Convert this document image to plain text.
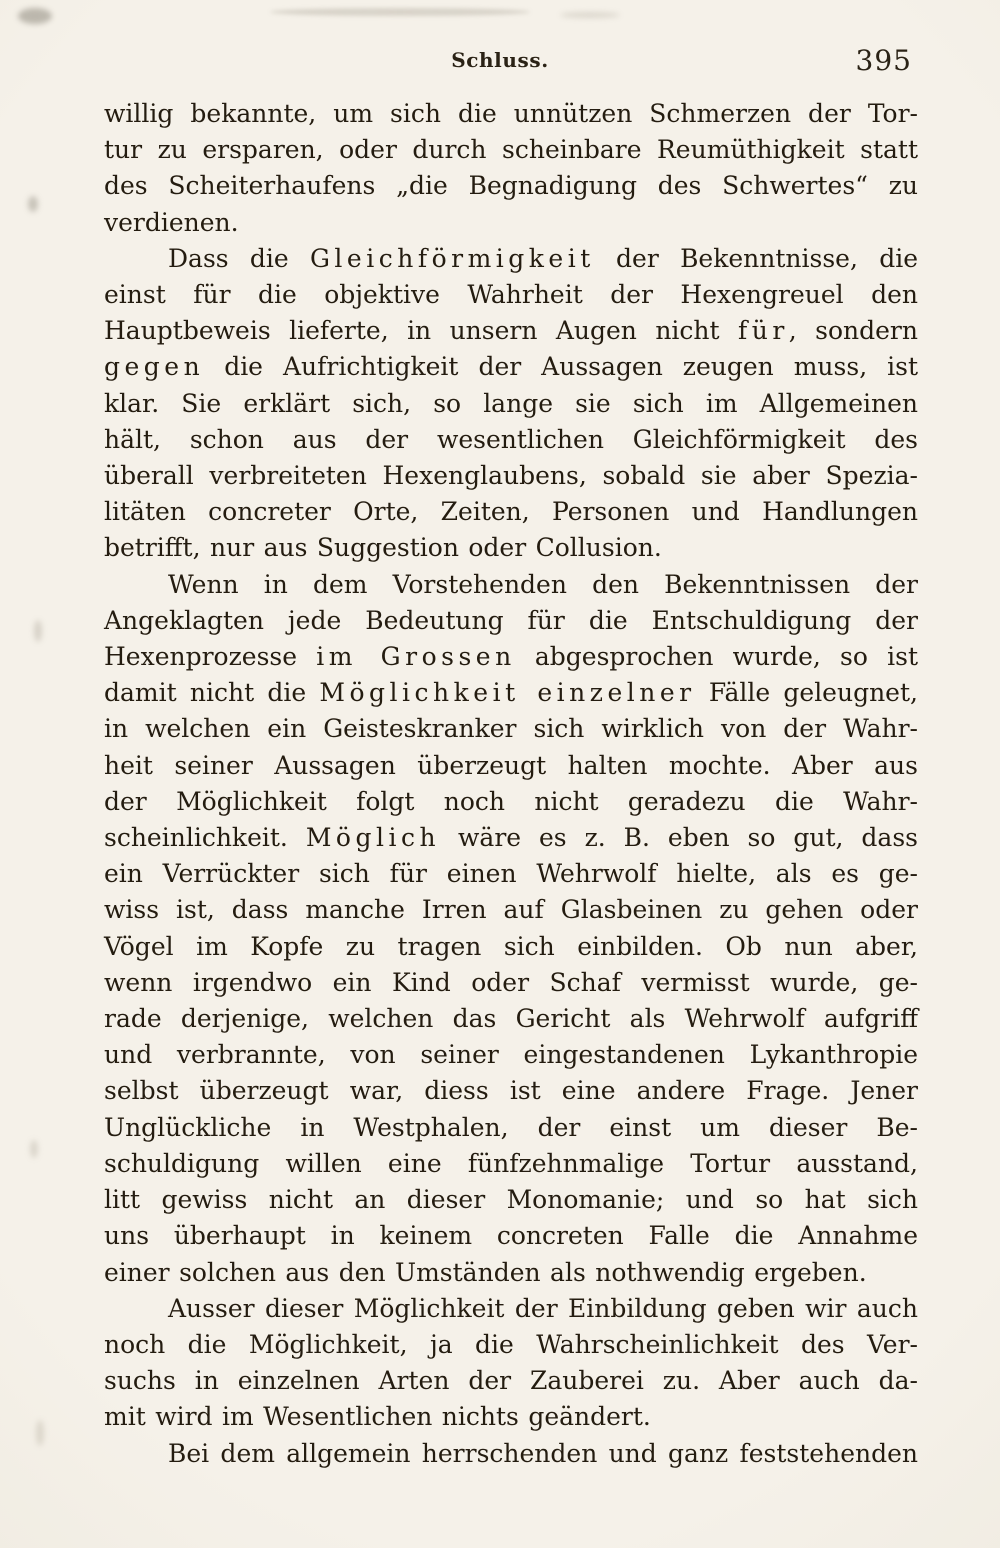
Schluss.	395
willig bekannte, um sich die unnützen Schmerzen der Tor-
tur zu ersparen, oder durch scheinbare Reumüthigkeit statt
des Scheiterhaufens „die Begnadigung des Schwertes“ zu
verdienen.
Dass die Gleichförmigkeit der Bekenntnisse, die
einst für die objektive Wahrheit der Hexengreuel den
Hauptbeweis lieferte, in unsern Augen nicht für, sondern
gegen die Aufrichtigkeit der Aussagen zeugen muss, ist
klar. Sie erklärt sich, so lange sie sich im Allgemeinen
hält, schon aus der wesentlichen Gleichförmigkeit des
überall verbreiteten Hexenglaubens, sobald sie aber Spezia-
litäten concreter Orte, Zeiten, Personen und Handlungen
betrifft, nur aus Suggestion oder Collusion.
Wenn in dem Vorstehenden den Bekenntnissen der
Angeklagten jede Bedeutung für die Entschuldigung der
Hexenprozesse im Grossen abgesprochen wurde, so ist
damit nicht die Möglichkeit einzelner Fälle geleugnet,
in welchen ein Geisteskranker sich wirklich von der Wahr-
heit seiner Aussagen überzeugt halten mochte. Aber aus
der Möglichkeit folgt noch nicht geradezu die Wahr-
scheinlichkeit. Möglich wäre es z. B. eben so gut, dass
ein Verrückter sich für einen Wehrwolf hielte, als es ge-
wiss ist, dass manche Irren auf Glasbeinen zu gehen oder
Vögel im Kopfe zu tragen sich einbilden. Ob nun aber,
wenn irgendwo ein Kind oder Schaf vermisst wurde, ge-
rade derjenige, welchen das Gericht als Wehrwolf aufgriff
und verbrannte, von seiner eingestandenen Lykanthropie
selbst überzeugt war, diess ist eine andere Frage. Jener
Unglückliche in Westphalen, der einst um dieser Be-
schuldigung willen eine fünfzehnmalige Tortur ausstand,
litt gewiss nicht an dieser Monomanie; und so hat sich
uns überhaupt in keinem concreten Falle die Annahme
einer solchen aus den Umständen als nothwendig ergeben.
Ausser dieser Möglichkeit der Einbildung geben wir auch
noch die Möglichkeit, ja die Wahrscheinlichkeit des Ver-
suchs in einzelnen Arten der Zauberei zu. Aber auch da-
mit wird im Wesentlichen nichts geändert.
Bei dem allgemein herrschenden und ganz feststehenden
